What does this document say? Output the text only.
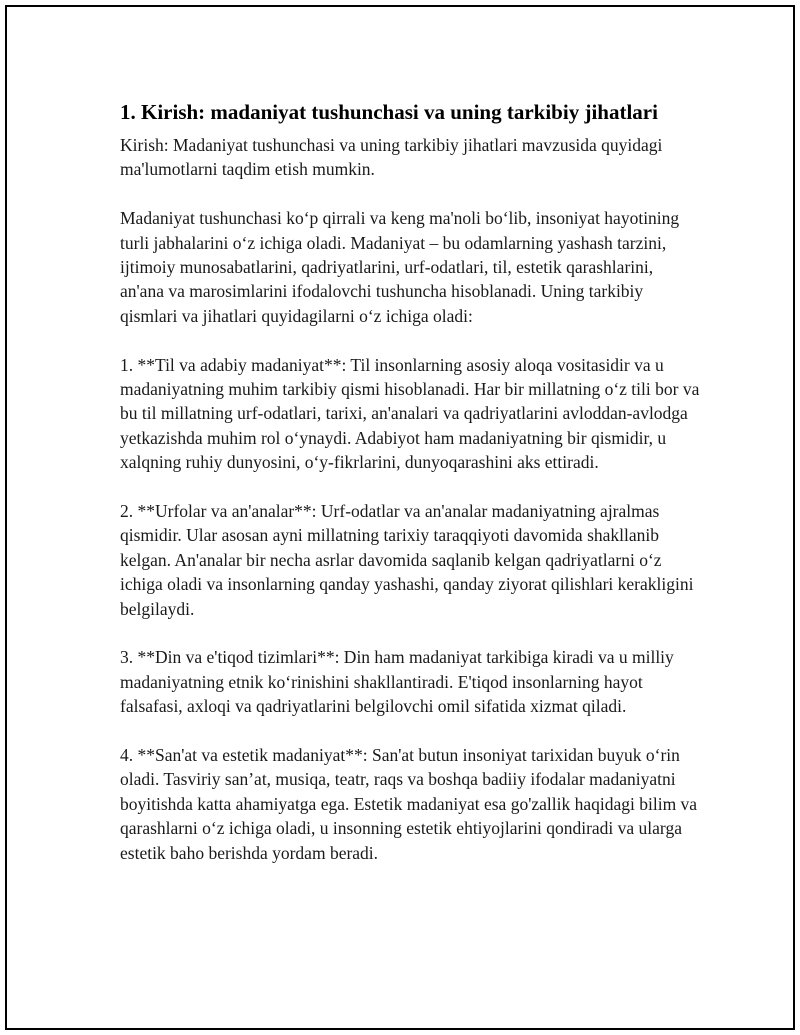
1. Kirish: madaniyat tushunchasi va uning tarkibiy jihatlari

Kirish: Madaniyat tushunchasi va uning tarkibiy jihatlari mavzusida quyidagi ma'lumotlarni taqdim etish mumkin.

Madaniyat tushunchasi koʻp qirrali va keng ma'noli boʻlib, insoniyat hayotining turli jabhalarini oʻz ichiga oladi. Madaniyat – bu odamlarning yashash tarzini, ijtimoiy munosabatlarini, qadriyatlarini, urf-odatlari, til, estetik qarashlarini, an'ana va marosimlarini ifodalovchi tushuncha hisoblanadi. Uning tarkibiy qismlari va jihatlari quyidagilarni oʻz ichiga oladi:

1. **Til va adabiy madaniyat**: Til insonlarning asosiy aloqa vositasidir va u madaniyatning muhim tarkibiy qismi hisoblanadi. Har bir millatning oʻz tili bor va bu til millatning urf-odatlari, tarixi, an'analari va qadriyatlarini avloddan-avlodga yetkazishda muhim rol oʻynaydi. Adabiyot ham madaniyatning bir qismidir, u xalqning ruhiy dunyosini, oʻy-fikrlarini, dunyoqarashini aks ettiradi.

2. **Urfolar va an'analar**: Urf-odatlar va an'analar madaniyatning ajralmas qismidir. Ular asosan ayni millatning tarixiy taraqqiyoti davomida shakllanib kelgan. An'analar bir necha asrlar davomida saqlanib kelgan qadriyatlarni oʻz ichiga oladi va insonlarning qanday yashashi, qanday ziyorat qilishlari kerakligini belgilaydi.

3. **Din va e'tiqod tizimlari**: Din ham madaniyat tarkibiga kiradi va u milliy madaniyatning etnik koʻrinishini shakllantiradi. E'tiqod insonlarning hayot falsafasi, axloqi va qadriyatlarini belgilovchi omil sifatida xizmat qiladi.

4. **San'at va estetik madaniyat**: San'at butun insoniyat tarixidan buyuk oʻrin oladi. Tasviriy san’at, musiqa, teatr, raqs va boshqa badiiy ifodalar madaniyatni boyitishda katta ahamiyatga ega. Estetik madaniyat esa go'zallik haqidagi bilim va qarashlarni oʻz ichiga oladi, u insonning estetik ehtiyojlarini qondiradi va ularga estetik baho berishda yordam beradi.
